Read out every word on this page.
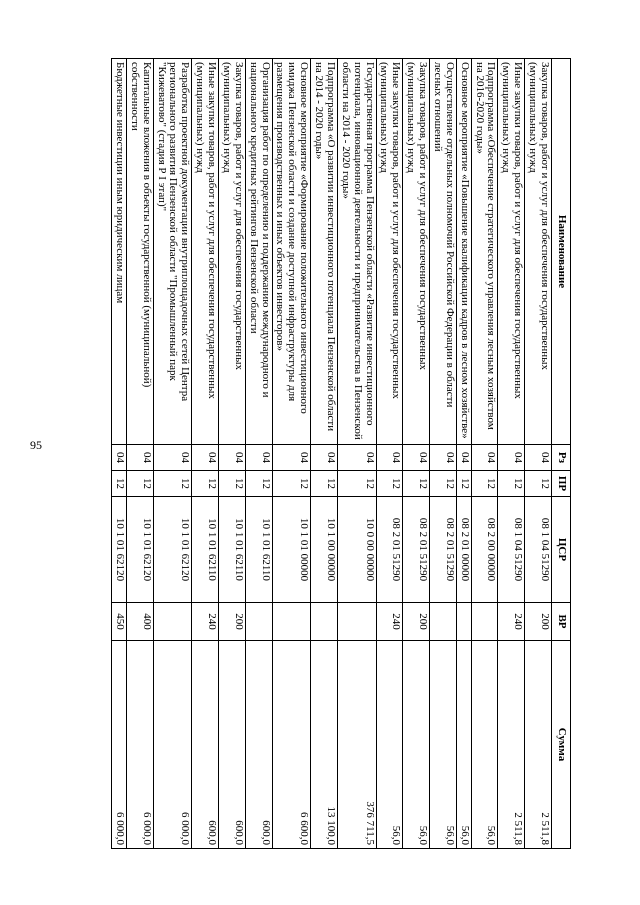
95
Наименование	Рз	ПР	ЦСР	ВР	Сумма
Закупка товаров, работ и услуг для обеспечения государственных (муниципальных) нужд	04	12	08 1 04 51290	200	2 511,8
Иные закупки товаров, работ и услуг для обеспечения государственных (муниципальных) нужд	04	12	08 1 04 51290	240	2 511,8
Подпрограмма «Обеспечение стратегического управления лесным хозяйством на 2016-2020 годы»	04	12	08 2 00 00000		56,0
Основное мероприятие «Повышение квалификации кадров в лесном хозяйстве»	04	12	08 2 01 00000		56,0
Осуществление отдельных полномочий Российской Федерации в области лесных отношений	04	12	08 2 01 51290		56,0
Закупка товаров, работ и услуг для обеспечения государственных (муниципальных) нужд	04	12	08 2 01 51290	200	56,0
Иные закупки товаров, работ и услуг для обеспечения государственных (муниципальных) нужд	04	12	08 2 01 51290	240	56,0
Государственная программа Пензенской области «Развитие инвестиционного потенциала, инновационной деятельности и предпринимательства в Пензенской области на 2014 - 2020 годы»	04	12	10 0 00 00000		376 711,5
Подпрограмма «О развитии инвестиционного потенциала Пензенской области на 2014 - 2020 годы»	04	12	10 1 00 00000		13 100,0
Основное мероприятие «Формирование положительного инвестиционного имиджа Пензенской области и создание доступной инфраструктуры для размещения производственных и иных объектов инвесторов»	04	12	10 1 01 00000		6 600,0
Организация работ по определению и поддержанию международного и национального кредитных рейтингов Пензенской области	04	12	10 1 01 62110		600,0
Закупка товаров, работ и услуг для обеспечения государственных (муниципальных) нужд	04	12	10 1 01 62110	200	600,0
Иные закупки товаров, работ и услуг для обеспечения государственных (муниципальных) нужд	04	12	10 1 01 62110	240	600,0
Разработка проектной документации внутриплощадочных сетей Центра регионального развития Пензенской области "Промышленный парк "Кижеватово" (стадия Р I этап)"	04	12	10 1 01 62120		6 000,0
Капитальные вложения в объекты государственной (муниципальной) собственности	04	12	10 1 01 62120	400	6 000,0
Бюджетные инвестиции иным юридическим лицам	04	12	10 1 01 62120	450	6 000,0
